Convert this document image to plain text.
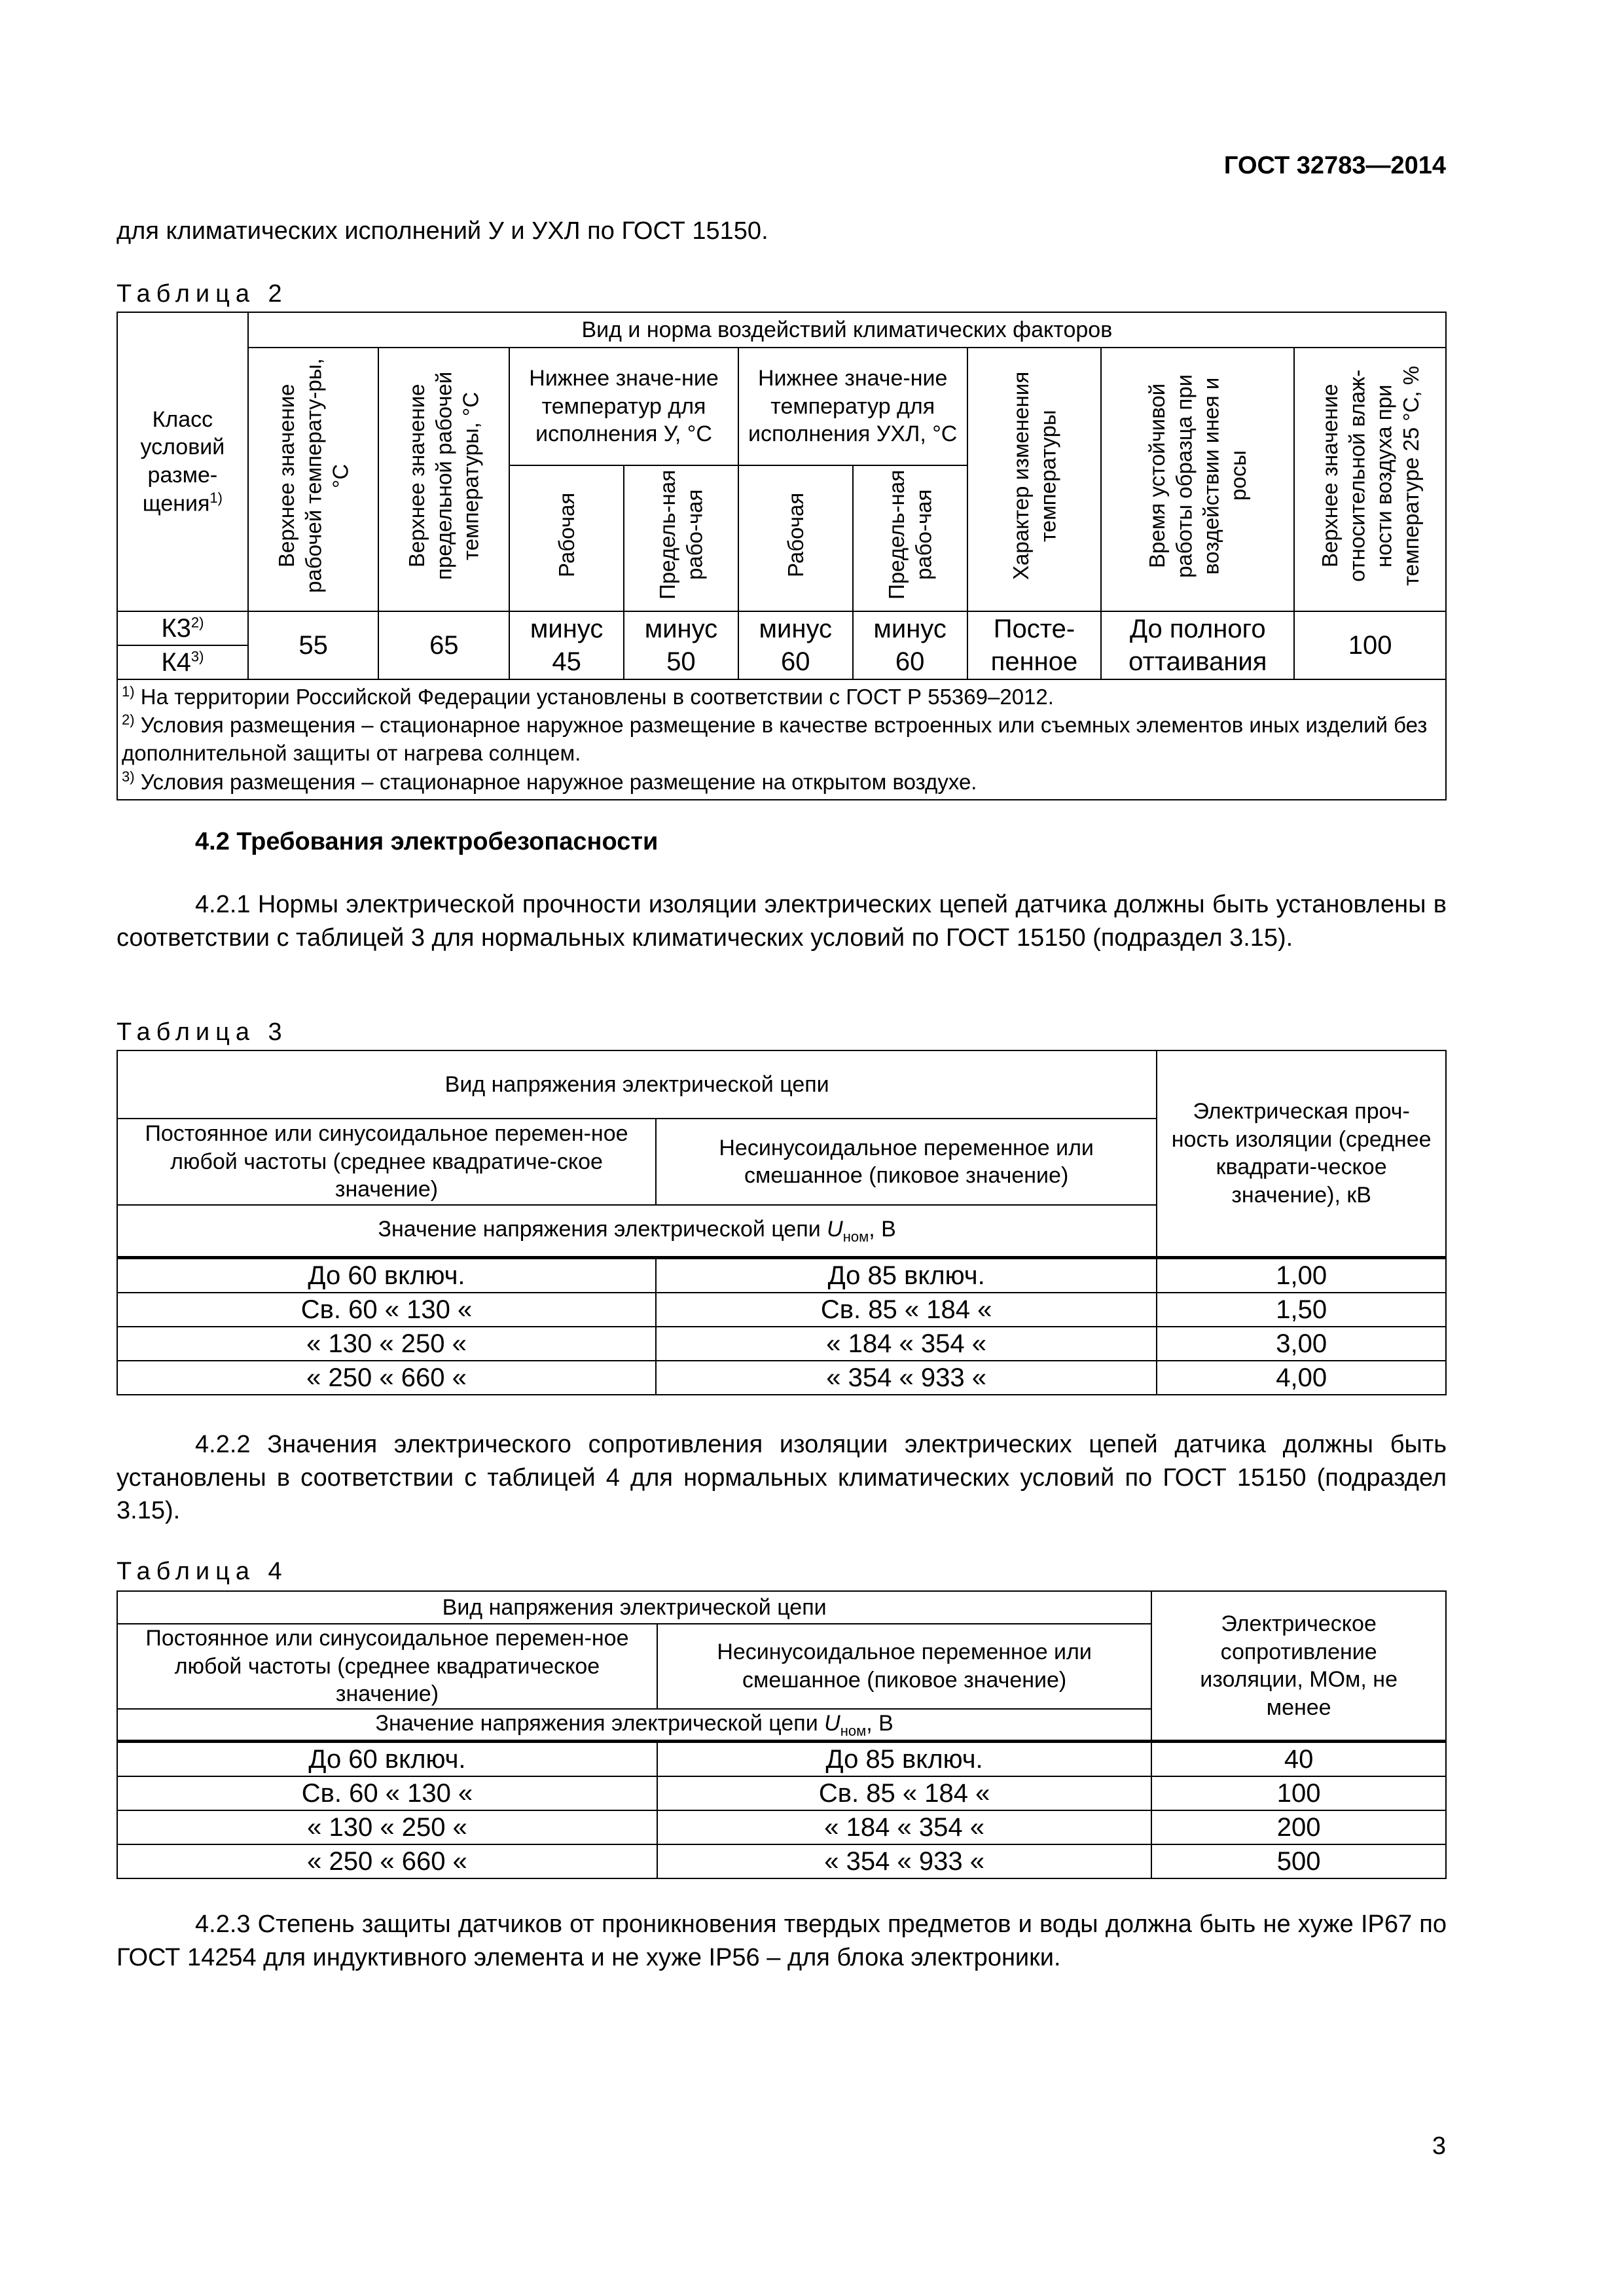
ГОСТ 32783—2014
для климатических исполнений У и УХЛ по ГОСТ 15150.
Таблица 2
Класс условий разме-щения$^{1)}$	Вид и норма воздействий климатических факторов								
	Верхнее значение рабочей температу-ры, °С	Верхнее значение предельной рабочей температуры, °С	Нижнее значе-ние температур для исполнения У, °С		Нижнее значе-ние температур для исполнения УХЛ, °С		Характер изменения температуры	Время устойчивой работы образца при воздействии инея и росы	Верхнее значение относительной влаж-ности воздуха при температуре 25 °С, %
			Рабочая	Предель-ная рабо-чая	Рабочая	Предель-ная рабо-чая			
К3$^{2)}$	55	65	минус 45	минус 50	минус 60	минус 60	Посте-пенное	До полного оттаивания	100
К4$^{3)}$

$^{1)}$ На территории Российской Федерации установлены в соответствии с ГОСТ Р 55369–2012.
$^{2)}$ Условия размещения – стационарное наружное размещение в качестве встроенных или съемных элементов иных изделий без дополнительной защиты от нагрева солнцем.
$^{3)}$ Условия размещения – стационарное наружное размещение на открытом воздухе.									
4.2 Требования электробезопасности
4.2.1 Нормы электрической прочности изоляции электрических цепей датчика должны быть установлены в соответствии с таблицей 3 для нормальных климатических условий по ГОСТ 15150 (подраздел 3.15).
Таблица 3
Вид напряжения электрической цепи		Электрическая проч-ность изоляции (среднее квадрати-ческое значение), кВ
Постоянное или синусоидальное перемен-ное любой частоты (среднее квадратиче-ское значение)	Несинусоидальное переменное или смешанное (пиковое значение)	
Значение напряжения электрической цепи $U_{ном}$, В		
До 60 включ.	До 85 включ.	1,00
Св. 60 « 130 «	Св. 85 « 184 «	1,50
« 130 « 250 «	« 184 « 354 «	3,00
« 250 « 660 «	« 354 « 933 «	4,00
4.2.2 Значения электрического сопротивления изоляции электрических цепей датчика должны быть установлены в соответствии с таблицей 4 для нормальных климатических условий по ГОСТ 15150 (подраздел 3.15).
Таблица 4
Вид напряжения электрической цепи		Электрическое сопротивление изоляции, МОм, не менее
Постоянное или синусоидальное перемен-ное любой частоты (среднее квадратическое значение)	Несинусоидальное переменное или смешанное (пиковое значение)	
Значение напряжения электрической цепи $U_{ном}$, В		
До 60 включ.	До 85 включ.	40
Св. 60 « 130 «	Св. 85 « 184 «	100
« 130 « 250 «	« 184 « 354 «	200
« 250 « 660 «	« 354 « 933 «	500
4.2.3 Степень защиты датчиков от проникновения твердых предметов и воды должна быть не хуже IP67 по ГОСТ 14254 для индуктивного элемента и не хуже IP56 – для блока электроники.
3
